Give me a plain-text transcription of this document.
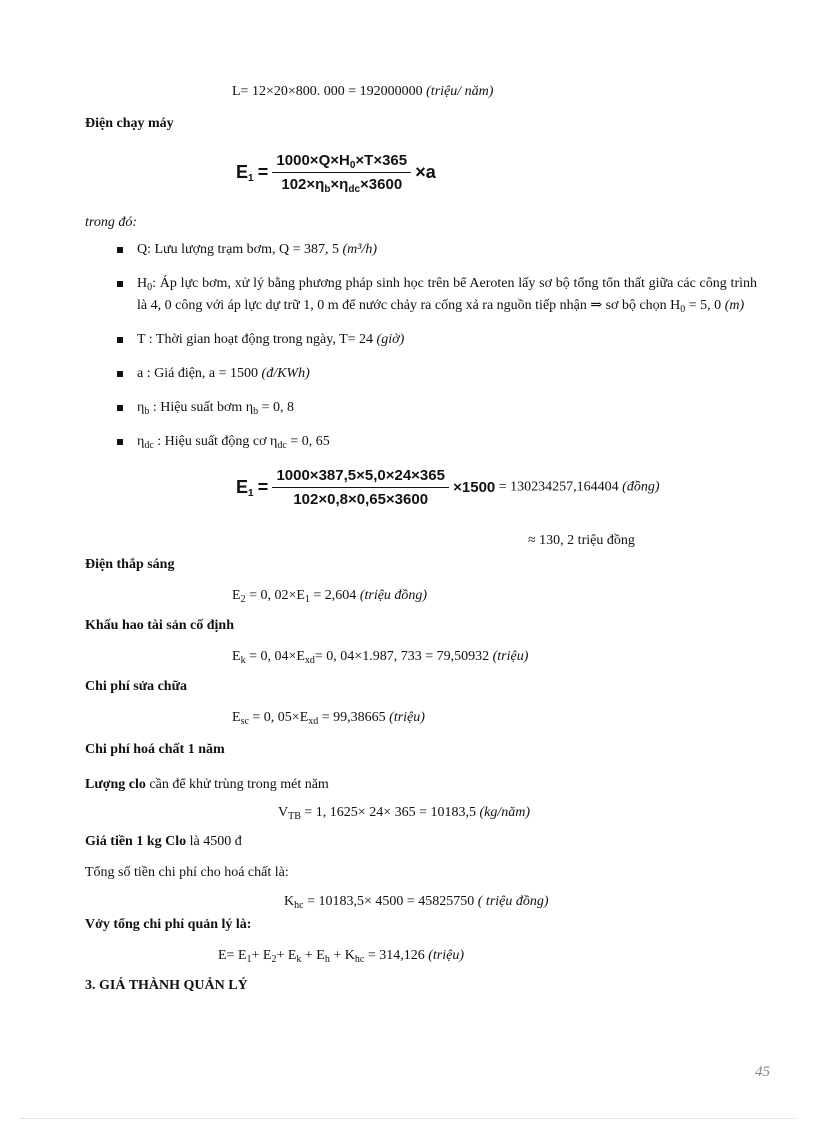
L= 12×20×800. 000 = 192000000 (triệu/ năm)
Điện chạy máy
$E_1 = \frac{1000\times Q\times H_0\times T\times 365}{102\times\eta_b\times\eta_{dc}\times 3600} \times a$
trong đó:
Q: Lưu lượng trạm bơm, Q = 387, 5 (m³/h)
$H_0$: Áp lực bơm, xử lý bằng phương pháp sinh học trên bể Aeroten lấy sơ bộ tổng tổn thất giữa các công trình là 4, 0 công với áp lực dự trữ 1, 0 m để nước chảy ra cống xả ra nguồn tiếp nhận ⇒ sơ bộ chọn $H_0 = 5$, 0 (m)
T : Thời gian hoạt động trong ngày, T= 24 (giờ)
a : Giá điện, a = 1500 (đ/KWh)
$\eta_b$ : Hiệu suất bơm $\eta_b = 0$, 8
$\eta_{dc}$ : Hiệu suất động cơ $\eta_{dc} = 0$, 65
$E_1 = \frac{1000\times 387,5\times 5,0\times 24\times 365}{102\times 0,8\times 0,65\times 3600} \times 1500 = 130234257,164404$ (đồng)
≈ 130, 2 triệu đồng
Điện thắp sáng
$E_2 = 0$, $02\times E_1 = 2,604$ (triệu đồng)
Khấu hao tài sản cố định
$E_k = 0$, $04\times E_{xd}= 0$, 04×1.987, 733 = 79,50932 (triệu)
Chi phí sửa chữa
$E_{sc} = 0$, $05\times E_{xd} = 99,38665$ (triệu)
Chi phí hoá chất 1 năm
Lượng clo cần để khử trùng trong mét năm
$V_{TB} = 1$, 1625× 24× 365 = 10183,5 (kg/năm)
Giá tiền 1 kg Clo là 4500 đ
Tổng số tiền chi phí cho hoá chất là:
$K_{hc} = 10183,5\times 4500 = 45825750$ ( triệu đồng)
Vởy tổng chi phí quản lý là:
$E= E_1+ E_2+ E_k + E_h + K_{hc} = 314,126$ (triệu)
3. GIÁ THÀNH QUẢN LÝ
45
